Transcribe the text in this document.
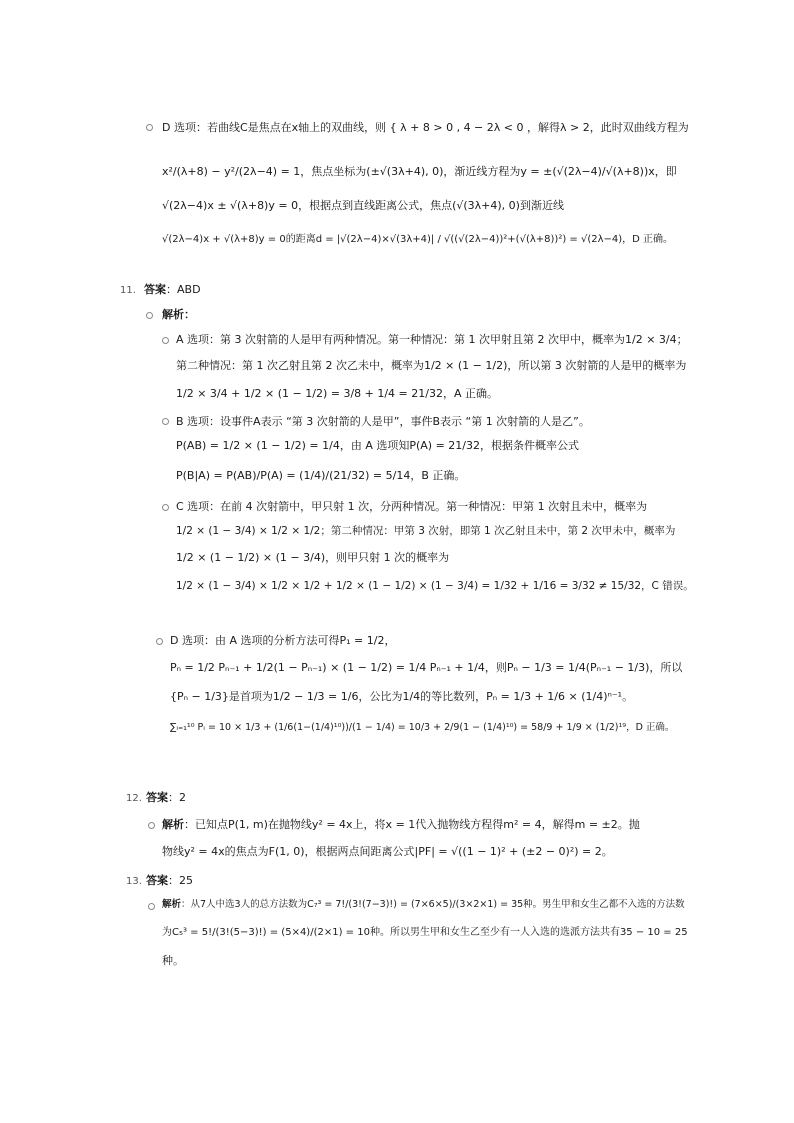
D 选项：若曲线C是焦点在x轴上的双曲线，则 { λ + 8 > 0 , 4 − 2λ < 0 ，解得λ > 2，此时双曲线方程为
x²/(λ+8) − y²/(2λ−4) = 1，焦点坐标为(±√(3λ+4), 0)，渐近线方程为y = ±(√(2λ−4)/√(λ+8))x，即
√(2λ−4)x ± √(λ+8)y = 0，根据点到直线距离公式，焦点(√(3λ+4), 0)到渐近线
√(2λ−4)x + √(λ+8)y = 0的距离d = |√(2λ−4)×√(3λ+4)| / √((√(2λ−4))²+(√(λ+8))²) = √(2λ−4)，D 正确。
11. 答案：ABD
解析：
A 选项：第 3 次射箭的人是甲有两种情况。第一种情况：第 1 次甲射且第 2 次甲中，概率为1/2 × 3/4；
第二种情况：第 1 次乙射且第 2 次乙未中，概率为1/2 × (1 − 1/2)，所以第 3 次射箭的人是甲的概率为
1/2 × 3/4 + 1/2 × (1 − 1/2) = 3/8 + 1/4 = 21/32，A 正确。
B 选项：设事件A表示 “第 3 次射箭的人是甲”，事件B表示 “第 1 次射箭的人是乙”。
P(AB) = 1/2 × (1 − 1/2) = 1/4，由 A 选项知P(A) = 21/32，根据条件概率公式
P(B|A) = P(AB)/P(A) = (1/4)/(21/32) = 5/14，B 正确。
C 选项：在前 4 次射箭中，甲只射 1 次，分两种情况。第一种情况：甲第 1 次射且未中，概率为
1/2 × (1 − 3/4) × 1/2 × 1/2；第二种情况：甲第 3 次射，即第 1 次乙射且未中，第 2 次甲未中，概率为
1/2 × (1 − 1/2) × (1 − 3/4)，则甲只射 1 次的概率为
1/2 × (1 − 3/4) × 1/2 × 1/2 + 1/2 × (1 − 1/2) × (1 − 3/4) = 1/32 + 1/16 = 3/32 ≠ 15/32，C 错误。
D 选项：由 A 选项的分析方法可得P₁ = 1/2，
Pₙ = 1/2 Pₙ₋₁ + 1/2(1 − Pₙ₋₁) × (1 − 1/2) = 1/4 Pₙ₋₁ + 1/4，则Pₙ − 1/3 = 1/4(Pₙ₋₁ − 1/3)，所以
{Pₙ − 1/3}是首项为1/2 − 1/3 = 1/6，公比为1/4的等比数列，Pₙ = 1/3 + 1/6 × (1/4)ⁿ⁻¹。
∑ᵢ₌₁¹⁰ Pᵢ = 10 × 1/3 + (1/6(1−(1/4)¹⁰))/(1 − 1/4) = 10/3 + 2/9(1 − (1/4)¹⁰) = 58/9 + 1/9 × (1/2)¹⁹，D 正确。
12. 答案：2
解析：已知点P(1, m)在抛物线y² = 4x上，将x = 1代入抛物线方程得m² = 4，解得m = ±2。抛
物线y² = 4x的焦点为F(1, 0)，根据两点间距离公式|PF| = √((1 − 1)² + (±2 − 0)²) = 2。
13. 答案：25
解析：从7人中选3人的总方法数为C₇³ = 7!/(3!(7−3)!) = (7×6×5)/(3×2×1) = 35种。男生甲和女生乙都不入选的方法数
为C₅³ = 5!/(3!(5−3)!) = (5×4)/(2×1) = 10种。所以男生甲和女生乙至少有一人入选的选派方法共有35 − 10 = 25
种。
